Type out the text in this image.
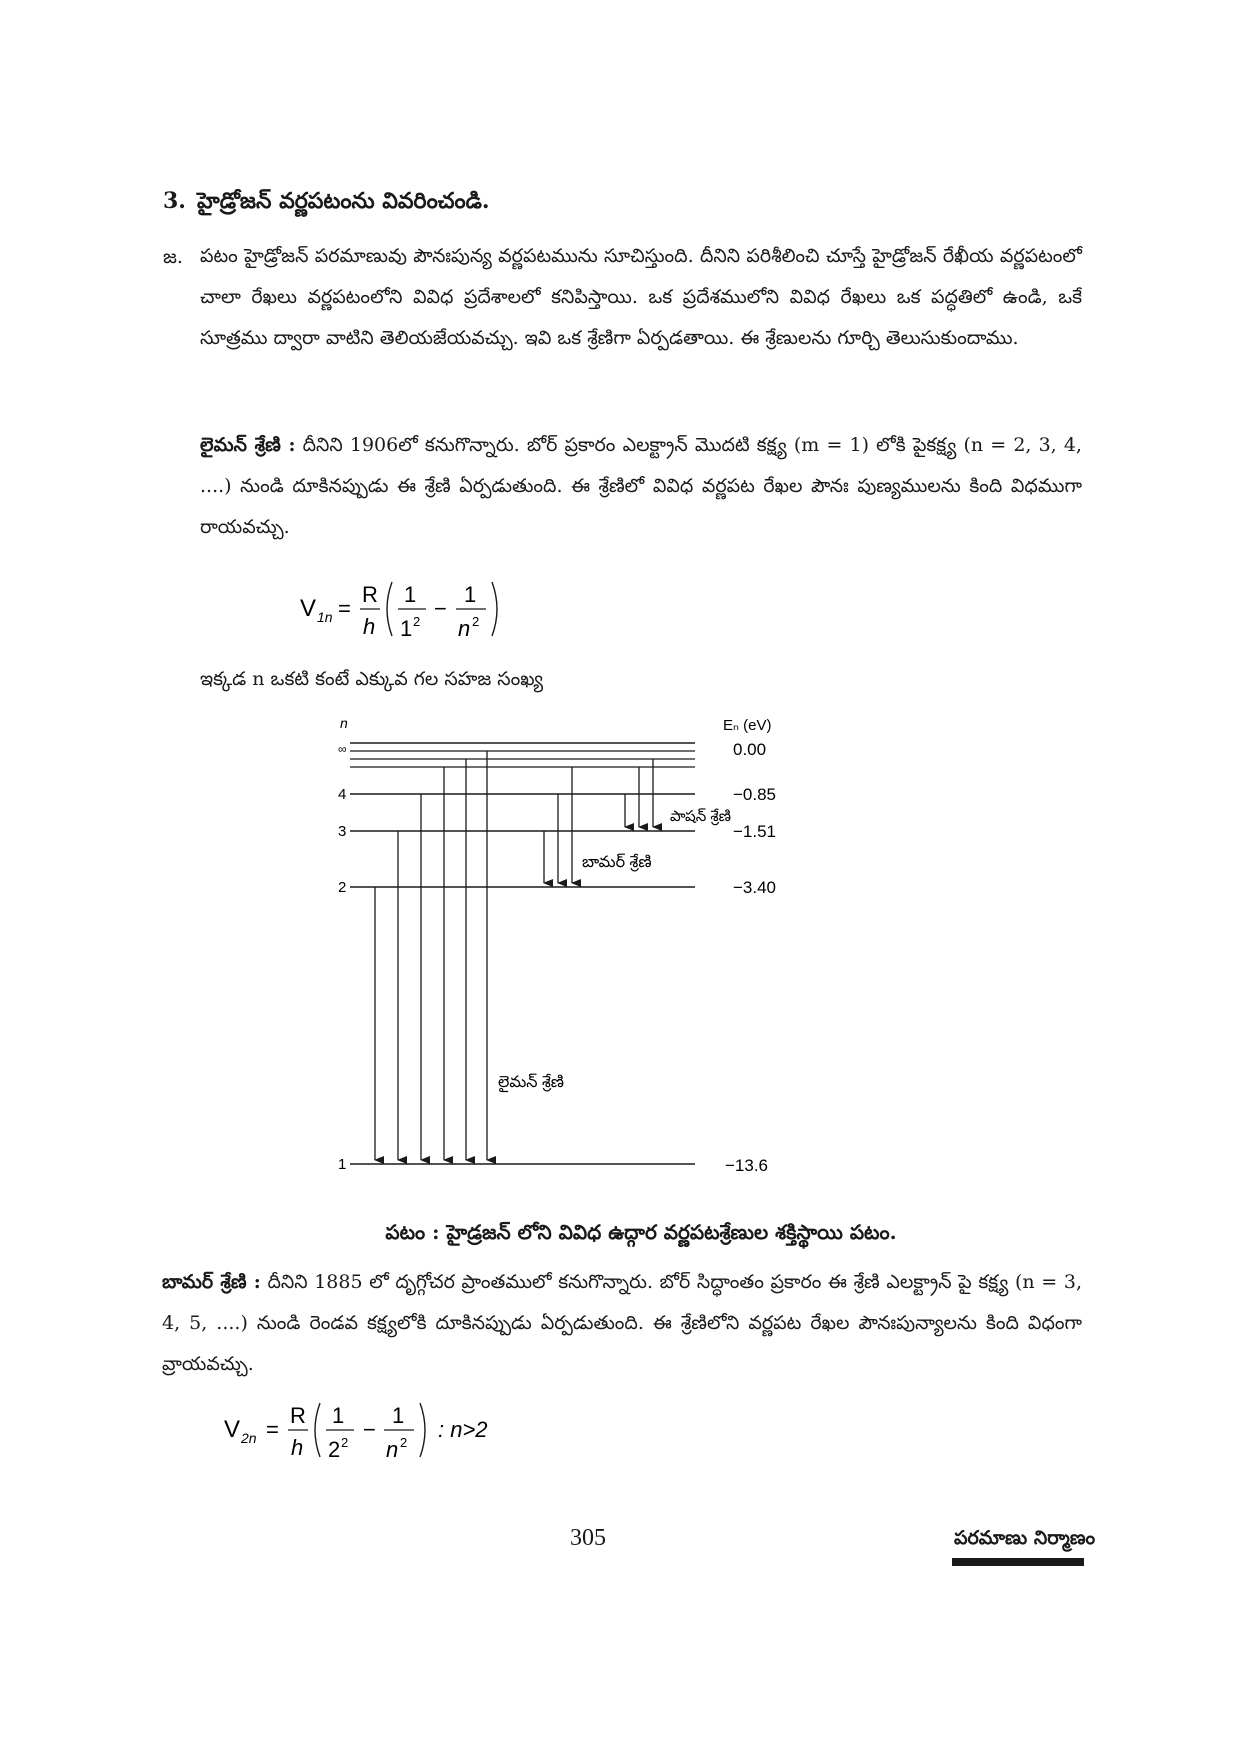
3. హైడ్రోజన్ వర్ణపటంను వివరించండి.
జ. పటం హైడ్రోజన్ పరమాణువు పౌనఃపున్య వర్ణపటమును సూచిస్తుంది. దీనిని పరిశీలించి చూస్తే హైడ్రోజన్ రేఖీయ వర్ణపటంలో చాలా రేఖలు వర్ణపటంలోని వివిధ ప్రదేశాలలో కనిపిస్తాయి. ఒక ప్రదేశములోని వివిధ రేఖలు ఒక పద్ధతిలో ఉండి, ఒకే సూత్రము ద్వారా వాటిని తెలియజేయవచ్చు. ఇవి ఒక శ్రేణిగా ఏర్పడతాయి. ఈ శ్రేణులను గూర్చి తెలుసుకుందాము.
లైమన్ శ్రేణి : దీనిని 1906లో కనుగొన్నారు. బోర్ ప్రకారం ఎలక్ట్రాన్ మొదటి కక్ష్య (m = 1) లోకి పైకక్ష్య (n = 2, 3, 4, ....) నుండి దూకినప్పుడు ఈ శ్రేణి ఏర్పడుతుంది. ఈ శ్రేణిలో వివిధ వర్ణపట రేఖల పౌనః పుణ్యములను కింది విధముగా రాయవచ్చు.
V 1n =
R
h
1
1 2
−
1
n 2
ఇక్కడ n ఒకటి కంటే ఎక్కువ గల సహజ సంఖ్య
n	Eₙ (eV)
∞	0.00
4	−0.85
3	−1.51
2	−3.40
1	−13.6
పాషన్ శ్రేణి
బామర్ శ్రేణి
లైమన్ శ్రేణి
పటం : హైడ్రజన్ లోని వివిధ ఉద్గార వర్ణపటశ్రేణుల శక్తిస్థాయి పటం.
బామర్ శ్రేణి : దీనిని 1885 లో దృగ్గోచర ప్రాంతములో కనుగొన్నారు. బోర్ సిద్ధాంతం ప్రకారం ఈ శ్రేణి ఎలక్ట్రాన్ పై కక్ష్య (n = 3, 4, 5, ....) నుండి రెండవ కక్ష్యలోకి దూకినప్పుడు ఏర్పడుతుంది. ఈ శ్రేణిలోని వర్ణపట రేఖల పౌనఃపున్యాలను కింది విధంగా వ్రాయవచ్చు.
V 2n =
R
h
1
2 2
−
1
n 2
: n>2
305	పరమాణు నిర్మాణం
